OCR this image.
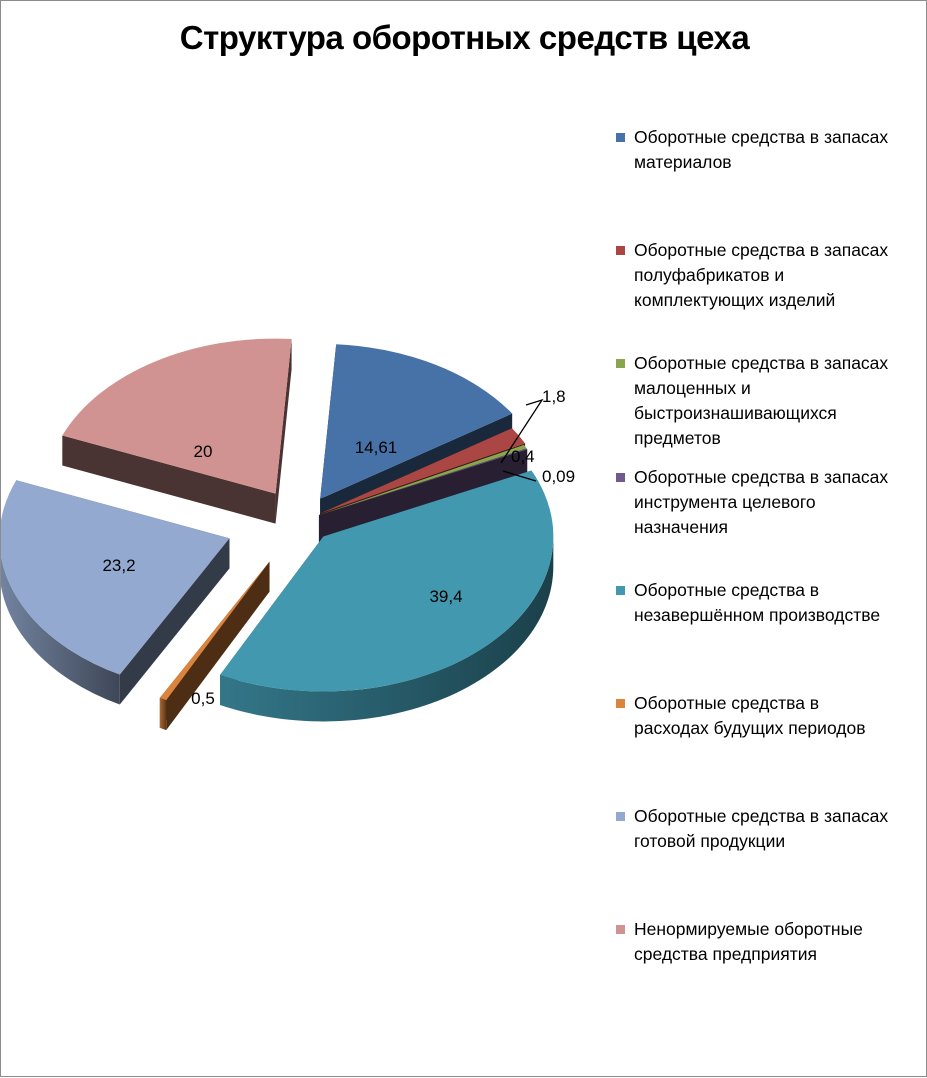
Структура оборотных средств цеха
14,61
1,8
0,4
0,09
39,4
0,5
23,2
20
Оборотные средства в запасах
материалов
Оборотные средства в запасах
полуфабрикатов и
комплектующих изделий
Оборотные средства в запасах
малоценных и
быстроизнашивающихся
предметов
Оборотные средства в запасах
инструмента целевого
назначения
Оборотные средства в
незавершённом производстве
Оборотные средства в
расходах будущих периодов
Оборотные средства в запасах
готовой продукции
Ненормируемые оборотные
средства предприятия
